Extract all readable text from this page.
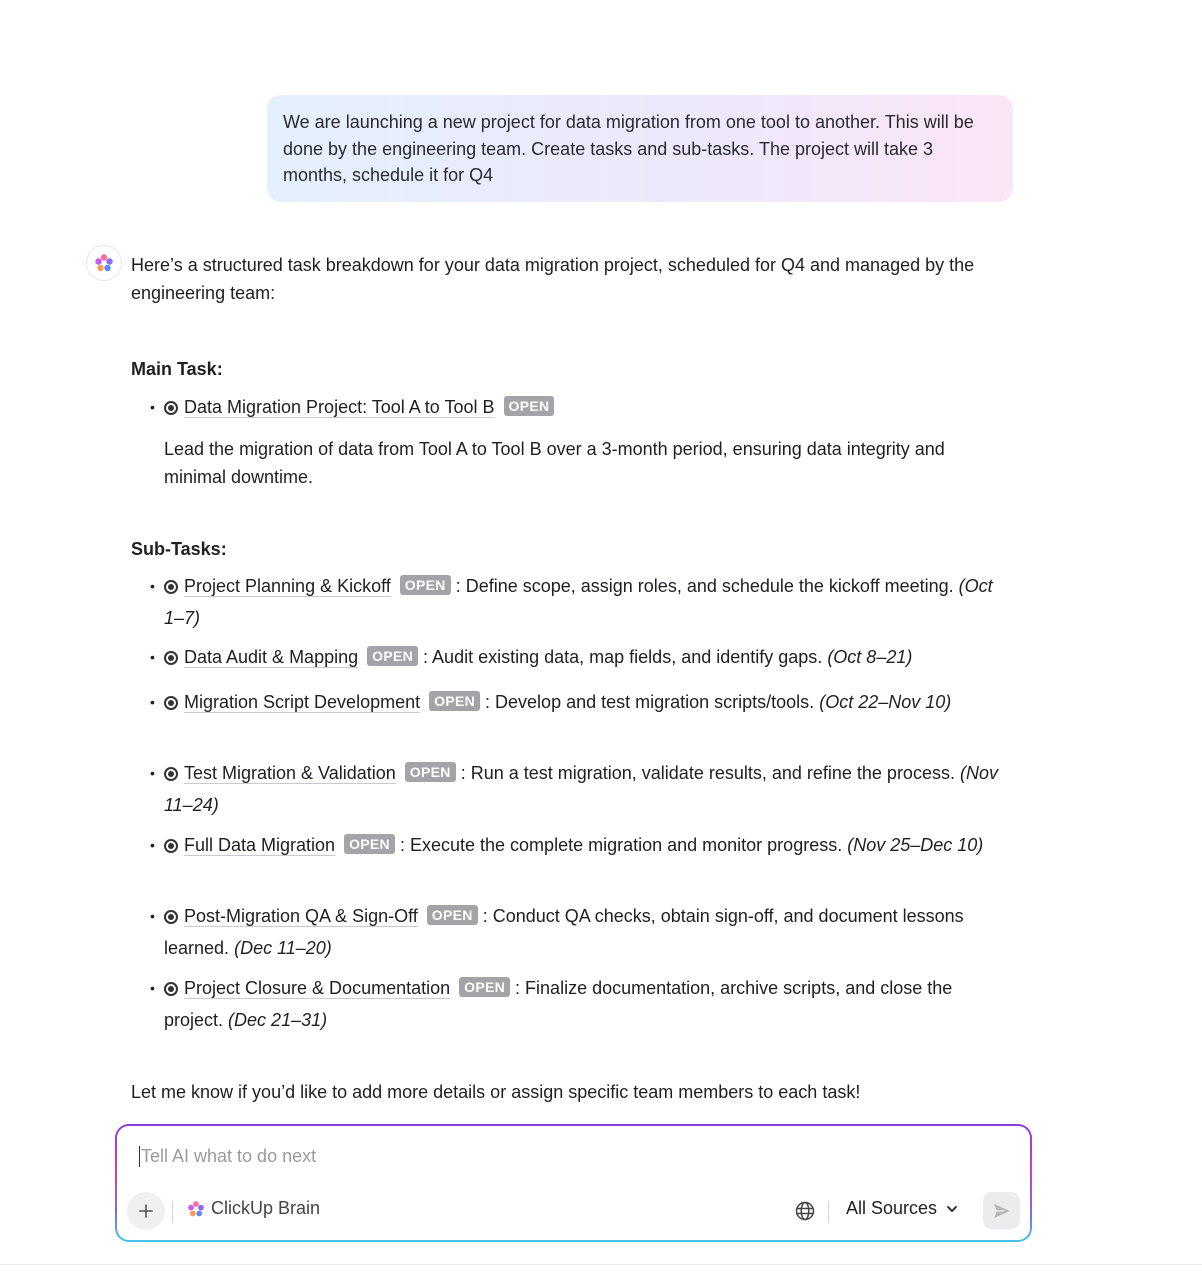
We are launching a new project for data migration from one tool to another. This will be done by the engineering team. Create tasks and sub-tasks. The project will take 3 months, schedule it for Q4
Here’s a structured task breakdown for your data migration project, scheduled for Q4 and managed by the engineering team:
Main Task:
• Data Migration Project: Tool A to Tool B OPEN
Lead the migration of data from Tool A to Tool B over a 3-month period, ensuring data integrity and minimal downtime.
Sub-Tasks:
• Project Planning & Kickoff OPEN : Define scope, assign roles, and schedule the kickoff meeting. (Oct 1–7)
• Data Audit & Mapping OPEN : Audit existing data, map fields, and identify gaps. (Oct 8–21)
• Migration Script Development OPEN : Develop and test migration scripts/tools. (Oct 22–Nov 10)
• Test Migration & Validation OPEN : Run a test migration, validate results, and refine the process. (Nov 11–24)
• Full Data Migration OPEN : Execute the complete migration and monitor progress. (Nov 25–Dec 10)
• Post-Migration QA & Sign-Off OPEN : Conduct QA checks, obtain sign-off, and document lessons learned. (Dec 11–20)
• Project Closure & Documentation OPEN : Finalize documentation, archive scripts, and close the project. (Dec 21–31)
Let me know if you’d like to add more details or assign specific team members to each task!
Tell AI what to do next
ClickUp Brain	All Sources
